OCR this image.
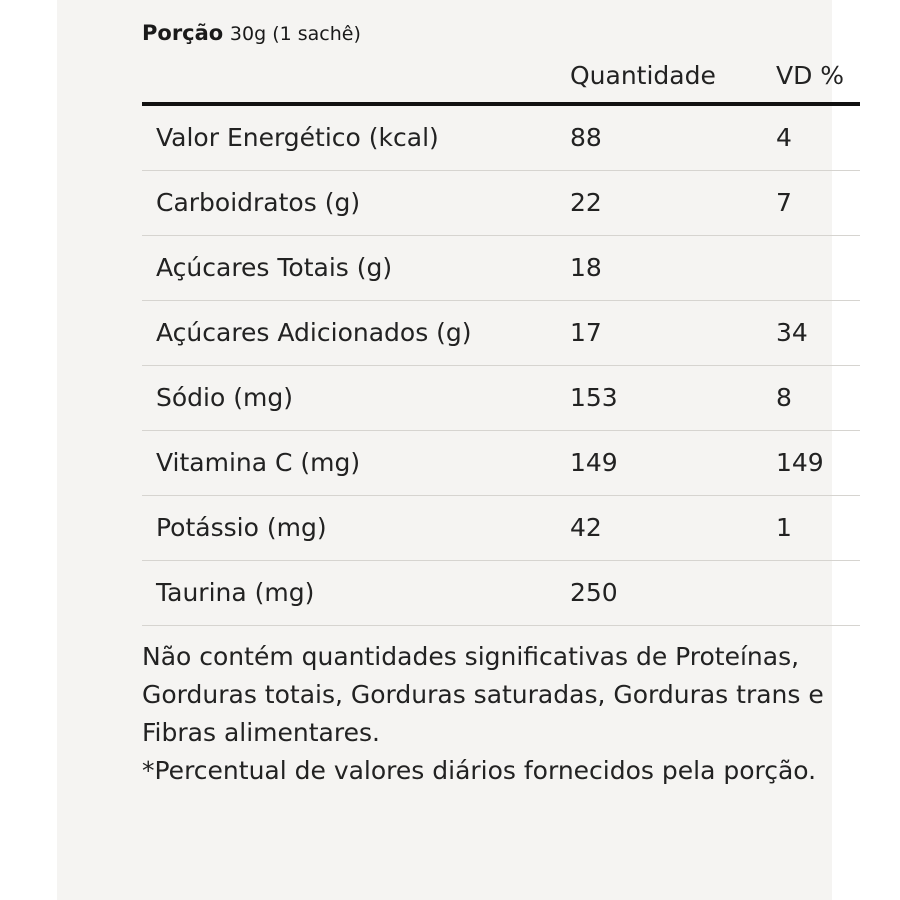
Porção 30g (1 sachê)

	Quantidade	VD %
Valor Energético (kcal)	88	4
Carboidratos (g)	22	7
Açúcares Totais (g)	18	
Açúcares Adicionados (g)	17	34
Sódio (mg)	153	8
Vitamina C (mg)	149	149
Potássio (mg)	42	1
Taurina (mg)	250	

Não contém quantidades significativas de Proteínas, Gorduras totais, Gorduras saturadas, Gorduras trans e Fibras alimentares.

*Percentual de valores diários fornecidos pela porção.
